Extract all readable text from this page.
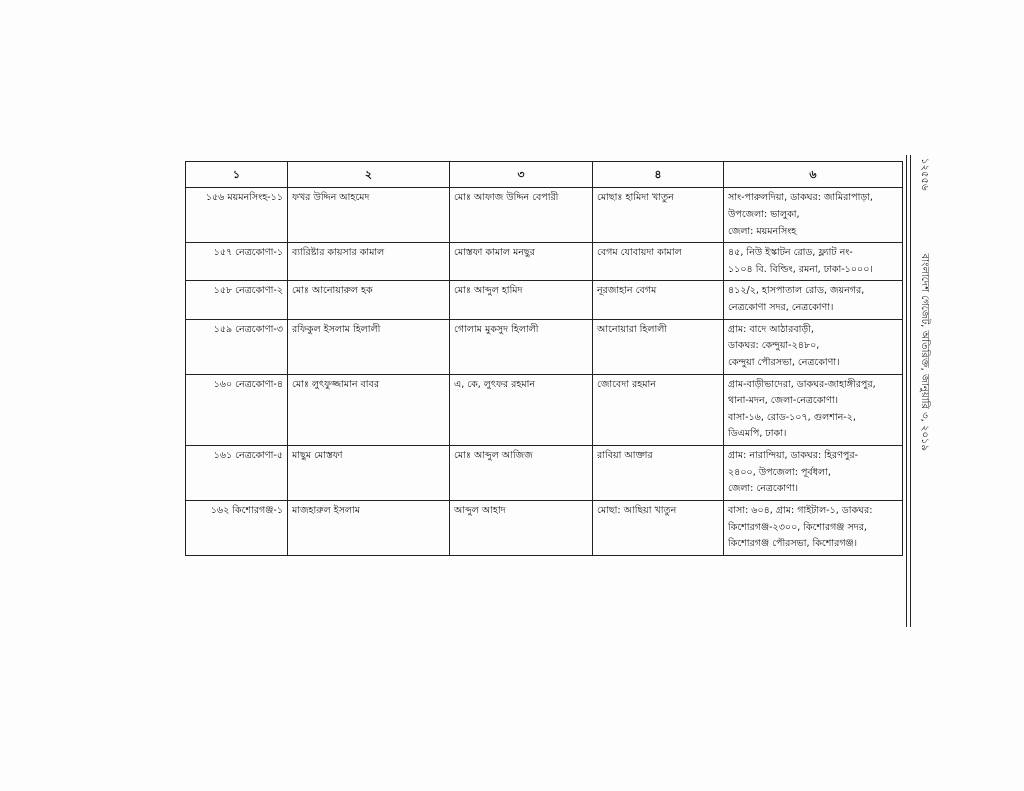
১	২	৩	৪	৬
১৫৬ ময়মনসিংহ-১১	ফখর উদ্দিন আহমেদ	মোঃ আফাজ উদ্দিন বেপারী	মোছাঃ হামিদা খাতুন	সাং-পারুলদিয়া, ডাকঘর: জামিরাপাড়া,
উপজেলা: ভালুকা,
জেলা: ময়মনসিংহ

১৫৭ নেত্রকোণা-১	ব্যারিষ্টার কায়সার কামাল	মোস্তফা কামাল মনছুর	বেগম যোবায়দা কামাল	৪৫, নিউ ইস্কাটন রোড, ফ্ল্যাট নং-
১১০৪ বি. বিল্ডিং, রমনা, ঢাকা-১০০০।

১৫৮ নেত্রকোণা-২	মোঃ আনোয়ারুল হক	মোঃ আব্দুল হামিদ	নূরজাহান বেগম	৪১২/২, হাসপাতাল রোড, জয়নগর,
নেত্রকোণা সদর, নেত্রকোণা।

১৫৯ নেত্রকোণা-৩	রফিকুল ইসলাম হিলালী	গোলাম মুকসুদ হিলালী	আনোয়ারা হিলালী	গ্রাম: বাদে আঠারবাড়ী,
ডাকঘর: কেন্দুয়া-২৪৮০,
কেন্দুয়া পৌরসভা, নেত্রকোণা।

১৬০ নেত্রকোণা-৪	মোঃ লুৎফুজ্জামান বাবর	এ, কে, লুৎফর রহমান	জোবেদা রহমান	গ্রাম-বাড়ীভাদেরা, ডাকঘর-জাহাঙ্গীরপুর,
থানা-মদন, জেলা-নেত্রকোণা।
বাসা-১৬, রোড-১০৭, গুলশান-২,
ডিএমপি, ঢাকা।

১৬১ নেত্রকোণা-৫	মাছুম মোস্তফা	মোঃ আব্দুল আজিজ	রাবিয়া আক্তার	গ্রাম: নারান্দিয়া, ডাকঘর: হিরণপুর-
২৪০০, উপজেলা: পূর্বধলা,
জেলা: নেত্রকোণা।

১৬২ কিশোরগঞ্জ-১	মাজহারুল ইসলাম	আব্দুল আহাদ	মোছা: আছিয়া খাতুন	বাসা: ৬০৪, গ্রাম: গাইটাল-১, ডাকঘর:
কিশোরগঞ্জ-২৩০০, কিশোরগঞ্জ সদর,
কিশোরগঞ্জ পৌরসভা, কিশোরগঞ্জ।
১২৫৫৬ বাংলাদেশ গেজেট, অতিরিক্ত, জানুয়ারি ৩, ২০১৯
